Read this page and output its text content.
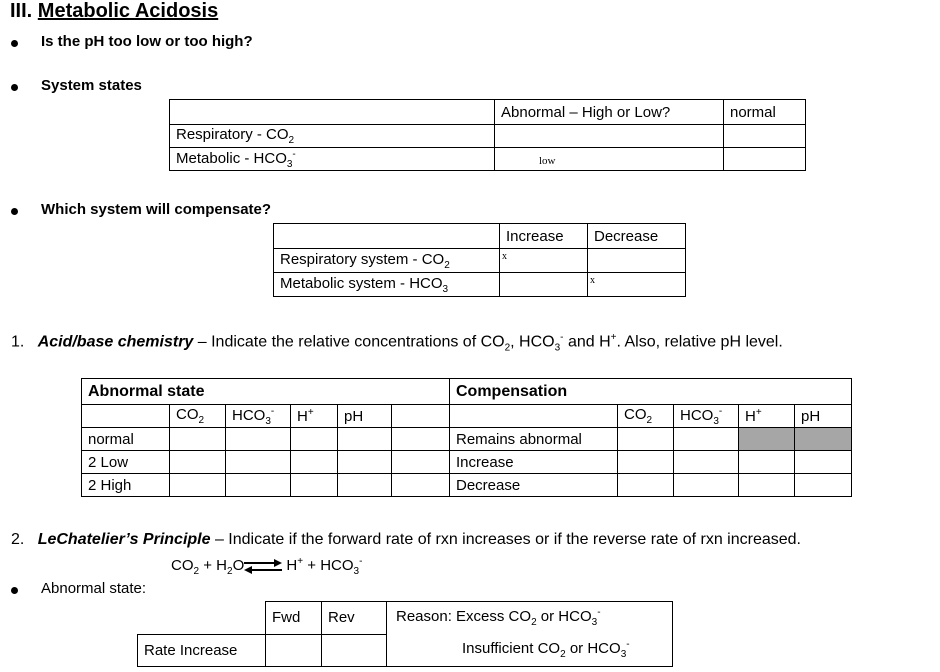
III. Metabolic Acidosis
Is the pH too low or too high?
System states
	Abnormal – High or Low?	normal
Respiratory - $CO_2$		
Metabolic - $HCO_3^-$	low	
Which system will compensate?
	Increase	Decrease
Respiratory system - $CO_2$	x	
Metabolic system - $HCO_3$		x
1. Acid/base chemistry – Indicate the relative concentrations of $CO_2$, $HCO_3^-$ and H+. Also, relative pH level.
Abnormal state						Compensation				
	$CO_2$	$HCO_3^-$	H+	pH			$CO_2$	$HCO_3^-$	H+	pH
normal						Remains abnormal				
2 Low						Increase				
2 High						Decrease				
2. LeChatelier’s Principle – Indicate if the forward rate of rxn increases or if the reverse rate of rxn increased.
$CO_2$ + $H_2O\rightleftharpoons$ $H^+ + HCO_3^-$
Abnormal state:
	Fwd	Rev	Reason: Excess $CO_2$ or $HCO_3^-$
Insufficient $CO_2$ or $HCO_3^-$

Rate Increase			
